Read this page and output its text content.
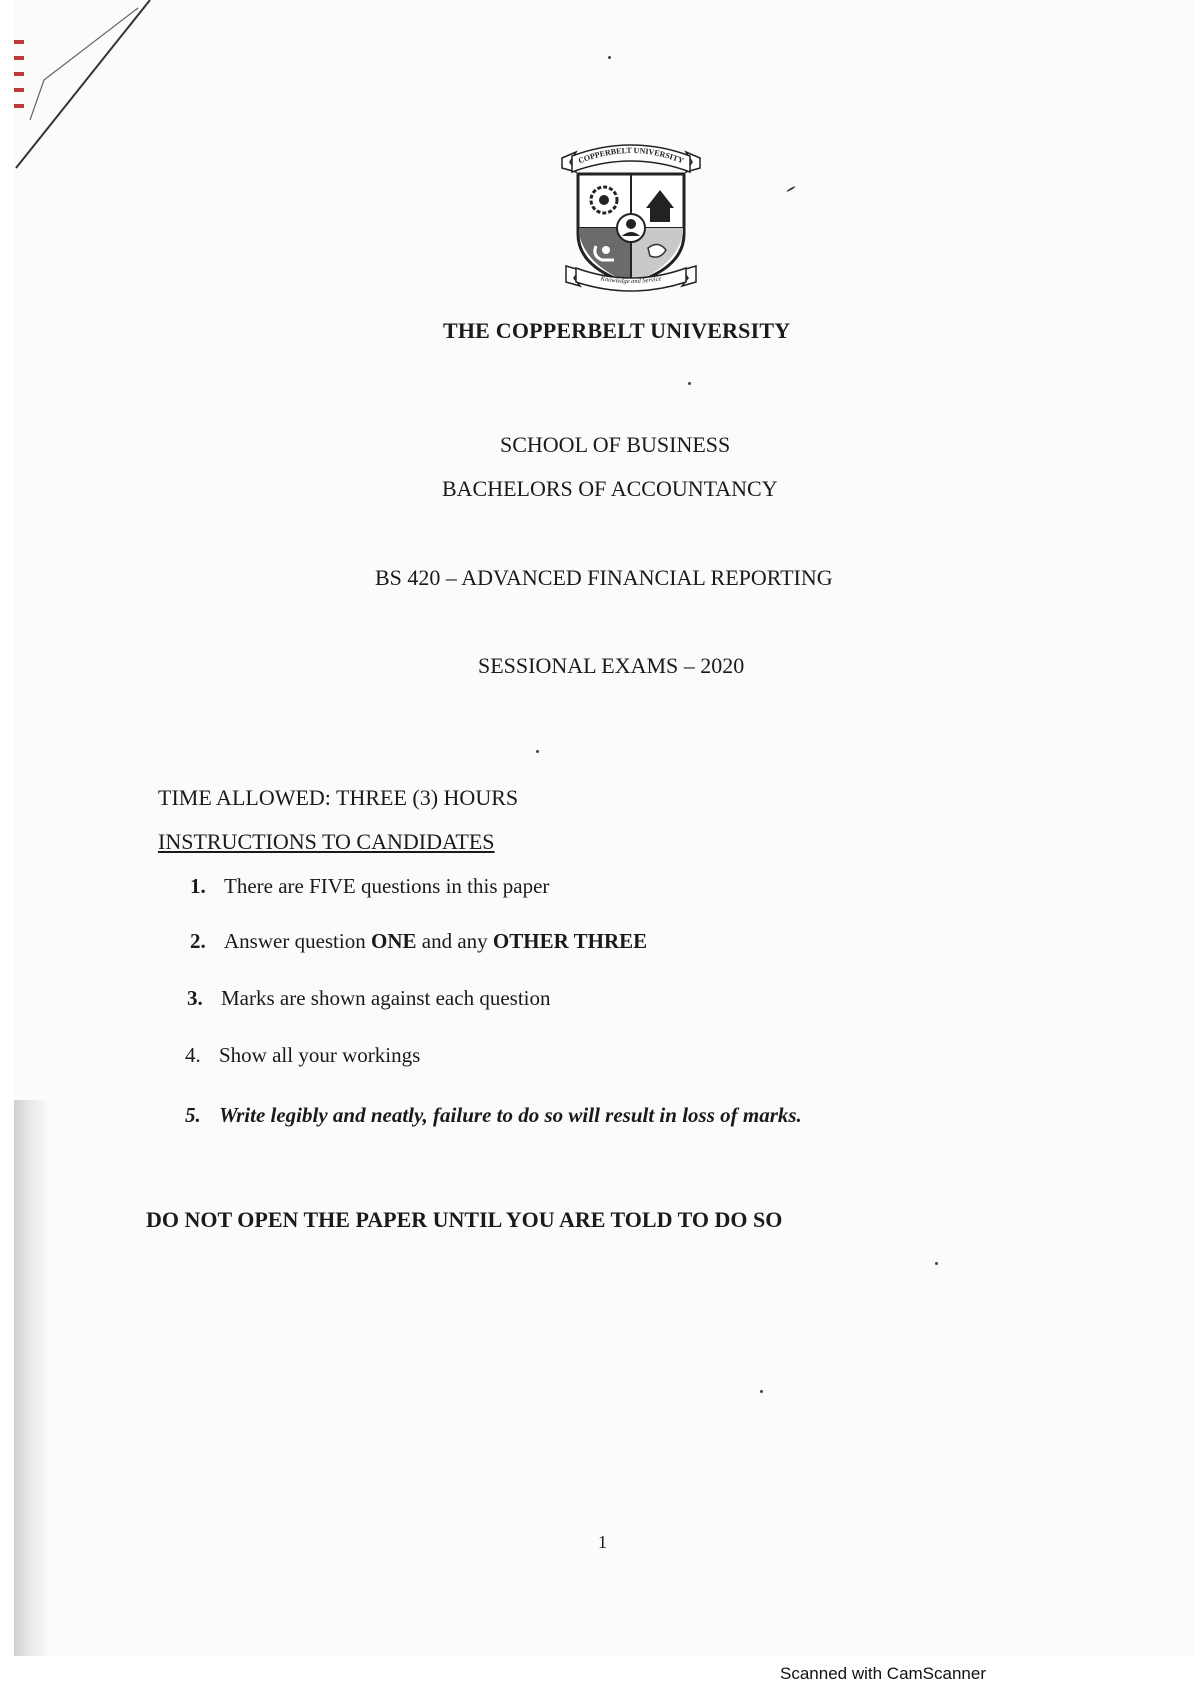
COPPERBELT UNIVERSITY
Knowledge and Service
THE COPPERBELT UNIVERSITY
SCHOOL OF BUSINESS
BACHELORS OF ACCOUNTANCY
BS 420 – ADVANCED FINANCIAL REPORTING
SESSIONAL EXAMS – 2020
TIME ALLOWED: THREE (3) HOURS
INSTRUCTIONS TO CANDIDATES
1. There are FIVE questions in this paper
2. Answer question ONE and any OTHER THREE
3. Marks are shown against each question
4. Show all your workings
5. Write legibly and neatly, failure to do so will result in loss of marks.
DO NOT OPEN THE PAPER UNTIL YOU ARE TOLD TO DO SO
1
Scanned with CamScanner
